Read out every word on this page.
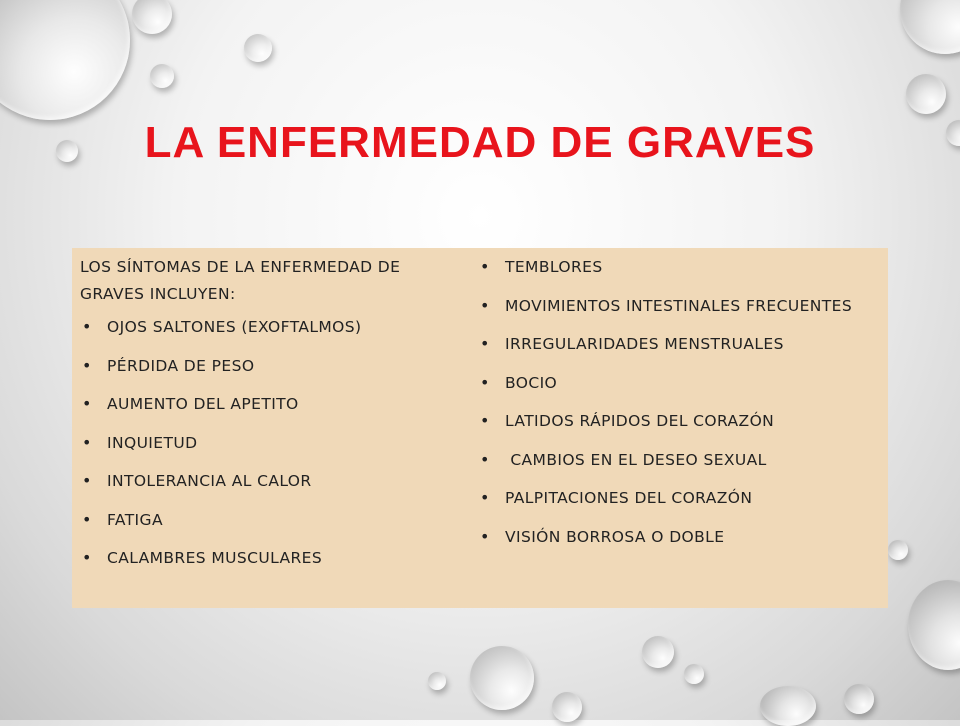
LA ENFERMEDAD DE GRAVES
LOS SÍNTOMAS DE LA ENFERMEDAD DE GRAVES INCLUYEN:
• OJOS SALTONES (EXOFTALMOS)
• PÉRDIDA DE PESO
• AUMENTO DEL APETITO
• INQUIETUD
• INTOLERANCIA AL CALOR
• FATIGA
• CALAMBRES MUSCULARES
• TEMBLORES
• MOVIMIENTOS INTESTINALES FRECUENTES
• IRREGULARIDADES MENSTRUALES
• BOCIO
• LATIDOS RÁPIDOS DEL CORAZÓN
• CAMBIOS EN EL DESEO SEXUAL
• PALPITACIONES DEL CORAZÓN
• VISIÓN BORROSA O DOBLE
